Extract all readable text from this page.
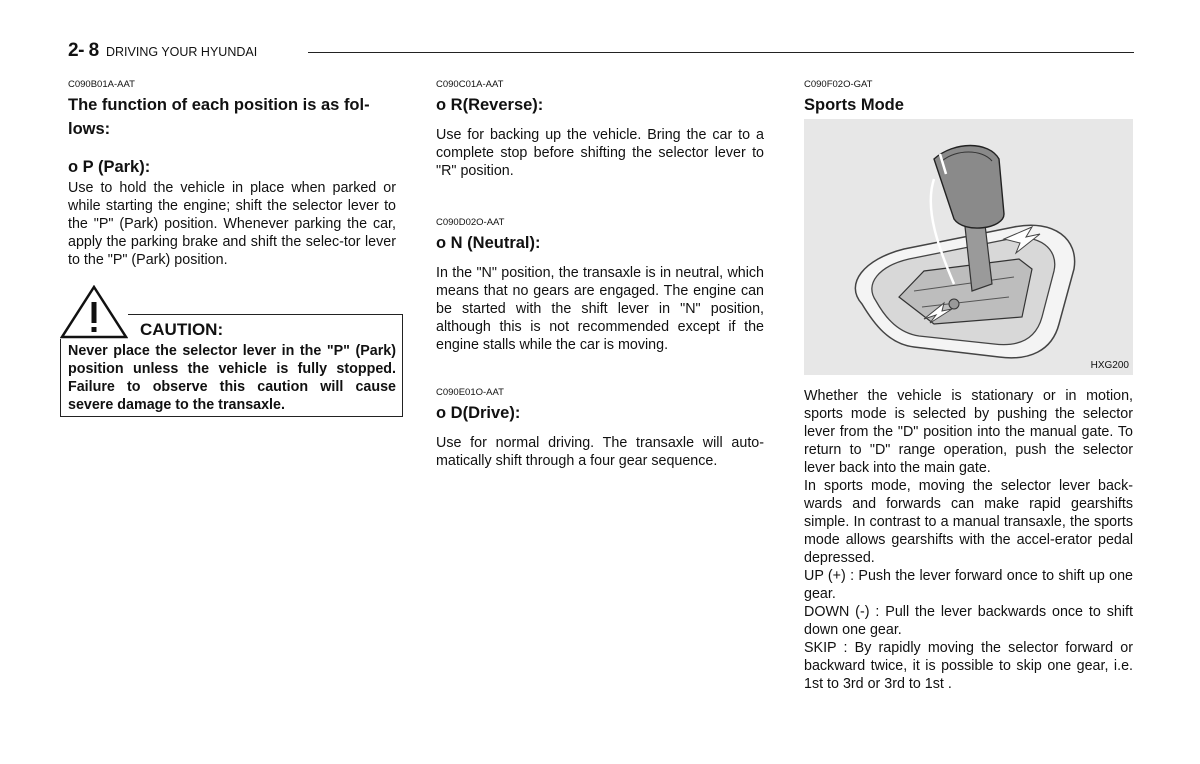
2- 8 DRIVING YOUR HYUNDAI

C090B01A-AAT

The function of each position is as fol-lows:

o P (Park):

Use to hold the vehicle in place when parked or while starting the engine; shift the selector lever to the "P" (Park) position. Whenever parking the car, apply the parking brake and shift the selec-tor lever to the "P" (Park) position.

CAUTION:

Never place the selector lever in the "P" (Park) position unless the vehicle is fully stopped. Failure to observe this caution will cause severe damage to the transaxle.

C090C01A-AAT

o R(Reverse):

Use for backing up the vehicle. Bring the car to a complete stop before shifting the selector lever to "R" position.

C090D02O-AAT

o N (Neutral):

In the "N" position, the transaxle is in neutral, which means that no gears are engaged. The engine can be started with the shift lever in "N" position, although this is not recommended except if the engine stalls while the car is moving.

C090E01O-AAT

o D(Drive):

Use for normal driving. The transaxle will auto-matically shift through a four gear sequence.

C090F02O-GAT

Sports Mode

HXG200

Whether the vehicle is stationary or in motion, sports mode is selected by pushing the selector lever from the "D" position into the manual gate. To return to "D" range operation, push the selector lever back into the main gate.

In sports mode, moving the selector lever back-wards and forwards can make rapid gearshifts simple. In contrast to a manual transaxle, the sports mode allows gearshifts with the accel-erator pedal depressed.

UP (+) : Push the lever forward once to shift up one gear.

DOWN (-) : Pull the lever backwards once to shift down one gear.

SKIP : By rapidly moving the selector forward or backward twice, it is possible to skip one gear, i.e. 1st to 3rd or 3rd to 1st .
